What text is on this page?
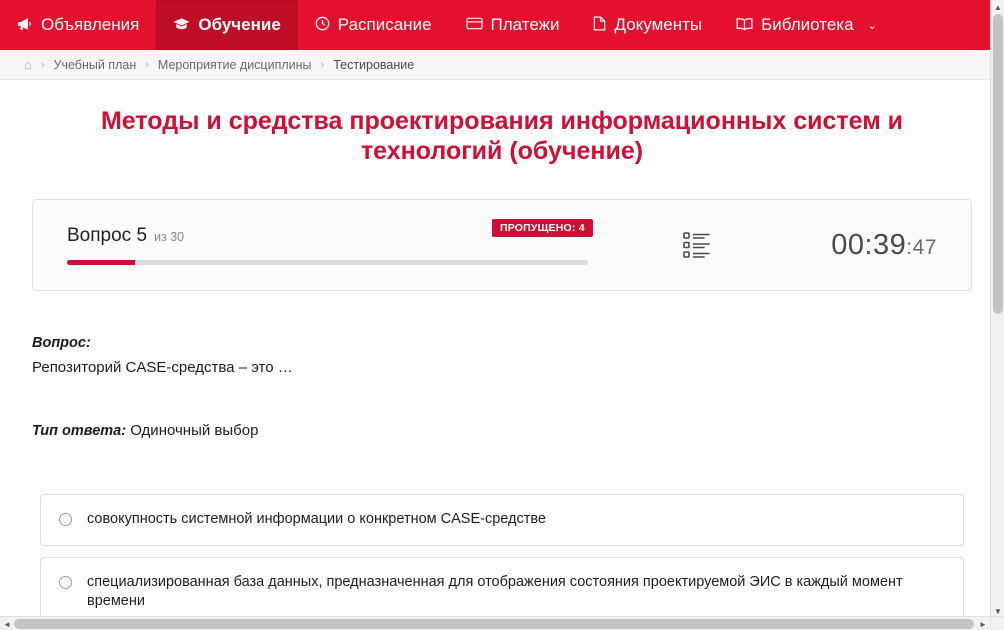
Объявления	Обучение	Расписание	Платежи	Документы	Библиотека ⌄
⌂ › Учебный план › Мероприятие дисциплины › Тестирование
Методы и средства проектирования информационных систем и технологий (обучение)
Вопрос 5 из 30
ПРОПУЩЕНО: 4
00:39:47
Вопрос:
Репозиторий CASE-средства – это …
Тип ответа: Одиночный выбор
совокупность системной информации о конкретном CASE-средстве
специализированная база данных, предназначенная для отображения состояния проектируемой ЭИС в каждый момент времени
▲
▼
◄	►
